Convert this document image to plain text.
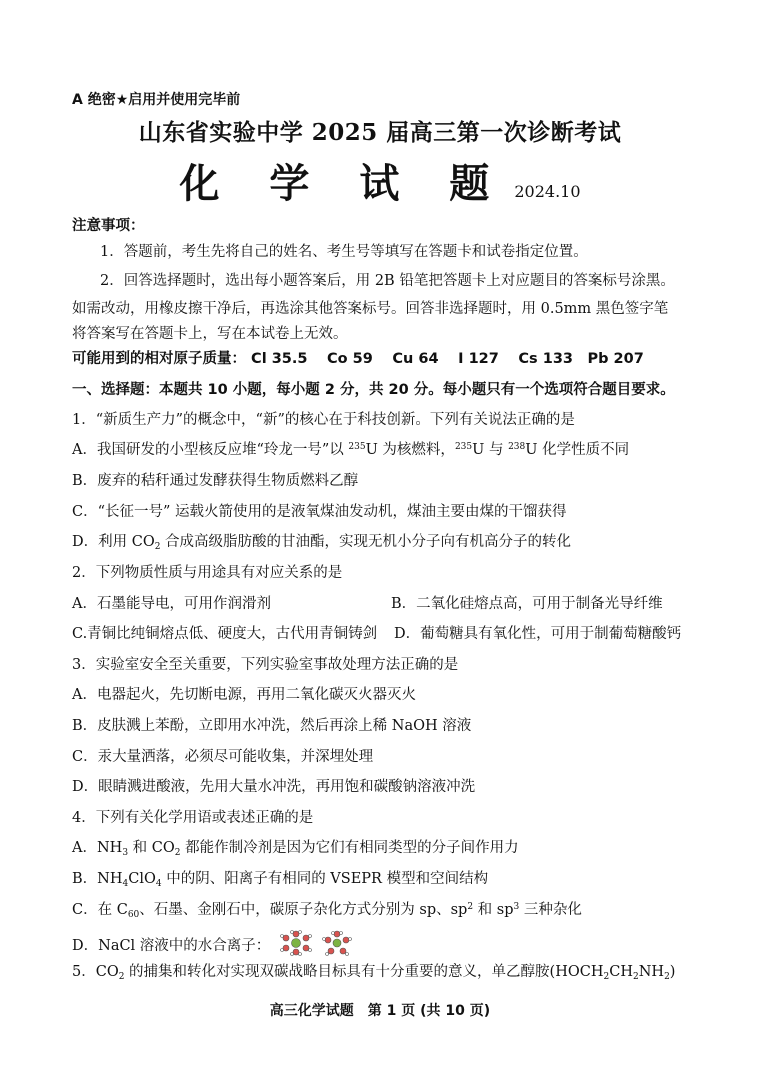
A 绝密★启用并使用完毕前
山东省实验中学 2025 届高三第一次诊断考试
化 学 试 题 2024.10
注意事项：
1．答题前，考生先将自己的姓名、考生号等填写在答题卡和试卷指定位置。
2．回答选择题时，选出每小题答案后，用 2B 铅笔把答题卡上对应题目的答案标号涂黑。
如需改动，用橡皮擦干净后，再选涂其他答案标号。回答非选择题时，用 0.5mm 黑色签字笔
将答案写在答题卡上，写在本试卷上无效。
可能用到的相对原子质量： Cl 35.5　 Co 59　 Cu 64　 I 127　 Cs 133　Pb 207
一、选择题：本题共 10 小题，每小题 2 分，共 20 分。每小题只有一个选项符合题目要求。
1．“新质生产力”的概念中，“新”的核心在于科技创新。下列有关说法正确的是
A．我国研发的小型核反应堆“玲龙一号”以 $^{235}$U 为核燃料，$^{235}$U 与 $^{238}$U 化学性质不同
B．废弃的秸秆通过发酵获得生物质燃料乙醇
C．“长征一号” 运载火箭使用的是液氧煤油发动机，煤油主要由煤的干馏获得
D．利用 $CO_2$ 合成高级脂肪酸的甘油酯，实现无机小分子向有机高分子的转化
2．下列物质性质与用途具有对应关系的是
A．石墨能导电，可用作润滑剂	B．二氧化硅熔点高，可用于制备光导纤维
C.青铜比纯铜熔点低、硬度大，古代用青铜铸剑 D．葡萄糖具有氧化性，可用于制葡萄糖酸钙
3．实验室安全至关重要，下列实验室事故处理方法正确的是
A．电器起火，先切断电源，再用二氧化碳灭火器灭火
B．皮肤溅上苯酚，立即用水冲洗，然后再涂上稀 NaOH 溶液
C．汞大量洒落，必须尽可能收集，并深埋处理
D．眼睛溅进酸液，先用大量水冲洗，再用饱和碳酸钠溶液冲洗
4．下列有关化学用语或表述正确的是
A．$NH_3$ 和 $CO_2$ 都能作制冷剂是因为它们有相同类型的分子间作用力
B．$NH_4ClO_4$ 中的阴、阳离子有相同的 VSEPR 模型和空间结构
C．在 $C_{60}$、石墨、金刚石中，碳原子杂化方式分别为 sp、$sp^2$ 和 $sp^3$ 三种杂化
D．NaCl 溶液中的水合离子：
5．$CO_2$ 的捕集和转化对实现双碳战略目标具有十分重要的意义，单乙醇胺$(HOCH_2CH_2NH_2)$
高三化学试题　第 1 页 (共 10 页)
